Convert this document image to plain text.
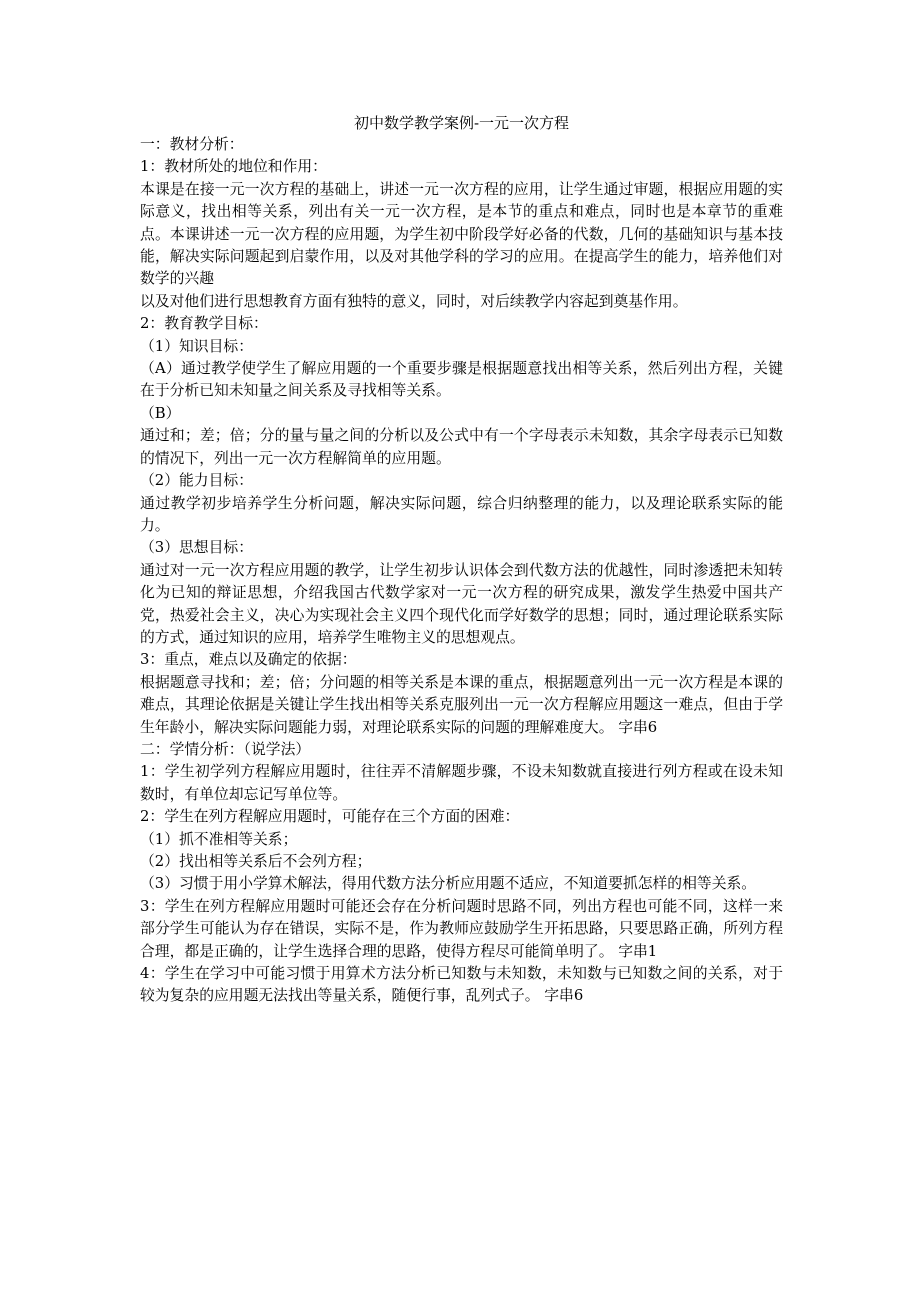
初中数学教学案例-一元一次方程

一：教材分析：

1：教材所处的地位和作用：

本课是在接一元一次方程的基础上，讲述一元一次方程的应用，让学生通过审题，根据应用题的实际意义，找出相等关系，列出有关一元一次方程，是本节的重点和难点，同时也是本章节的重难点。本课讲述一元一次方程的应用题，为学生初中阶段学好必备的代数，几何的基础知识与基本技能，解决实际问题起到启蒙作用，以及对其他学科的学习的应用。在提高学生的能力，培养他们对数学的兴趣

以及对他们进行思想教育方面有独特的意义，同时，对后续教学内容起到奠基作用。

2：教育教学目标：

（1）知识目标：

（A）通过教学使学生了解应用题的一个重要步骤是根据题意找出相等关系，然后列出方程，关键在于分析已知未知量之间关系及寻找相等关系。

（B）

通过和；差；倍；分的量与量之间的分析以及公式中有一个字母表示未知数，其余字母表示已知数的情况下，列出一元一次方程解简单的应用题。

（2）能力目标：

通过教学初步培养学生分析问题，解决实际问题，综合归纳整理的能力，以及理论联系实际的能力。

（3）思想目标：

通过对一元一次方程应用题的教学，让学生初步认识体会到代数方法的优越性，同时渗透把未知转化为已知的辩证思想，介绍我国古代数学家对一元一次方程的研究成果，激发学生热爱中国共产党，热爱社会主义，决心为实现社会主义四个现代化而学好数学的思想；同时，通过理论联系实际的方式，通过知识的应用，培养学生唯物主义的思想观点。

3：重点，难点以及确定的依据：

根据题意寻找和；差；倍；分问题的相等关系是本课的重点，根据题意列出一元一次方程是本课的难点，其理论依据是关键让学生找出相等关系克服列出一元一次方程解应用题这一难点，但由于学生年龄小，解决实际问题能力弱，对理论联系实际的问题的理解难度大。 字串6

二：学情分析：（说学法）

1：学生初学列方程解应用题时，往往弄不清解题步骤，不设未知数就直接进行列方程或在设未知数时，有单位却忘记写单位等。

2：学生在列方程解应用题时，可能存在三个方面的困难：

（1）抓不准相等关系；

（2）找出相等关系后不会列方程；

（3）习惯于用小学算术解法，得用代数方法分析应用题不适应，不知道要抓怎样的相等关系。

3：学生在列方程解应用题时可能还会存在分析问题时思路不同，列出方程也可能不同，这样一来部分学生可能认为存在错误，实际不是，作为教师应鼓励学生开拓思路，只要思路正确，所列方程合理，都是正确的，让学生选择合理的思路，使得方程尽可能简单明了。 字串1

4：学生在学习中可能习惯于用算术方法分析已知数与未知数，未知数与已知数之间的关系，对于较为复杂的应用题无法找出等量关系，随便行事，乱列式子。 字串6
